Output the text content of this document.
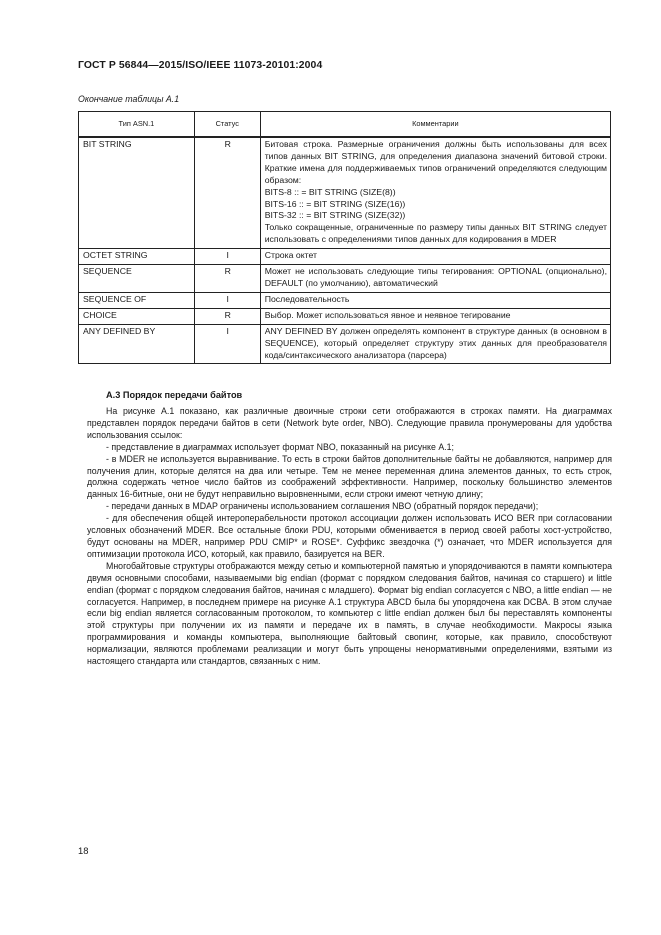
ГОСТ Р 56844—2015/ISO/IEEE 11073-20101:2004
Окончание таблицы А.1
Тип ASN.1	Статус	Комментарии
BIT STRING	R	Битовая строка. Размерные ограничения должны быть использованы для всех типов данных BIT STRING, для определения диапазона значений битовой строки. Краткие имена для поддерживаемых типов ограничений определяются следующим образом:
BITS-8 :: = BIT STRING (SIZE(8))
BITS-16 :: = BIT STRING (SIZE(16))
BITS-32 :: = BIT STRING (SIZE(32))
Только сокращенные, ограниченные по размеру типы данных BIT STRING следует использовать с определениями типов данных для кодирования в MDER

OCTET STRING	I	Строка октет
SEQUENCE	R	Может не использовать следующие типы тегирования: OPTIONAL (опционально), DEFAULT (по умолчанию), автоматический
SEQUENCE OF	I	Последовательность
CHOICE	R	Выбор. Может использоваться явное и неявное тегирование
ANY DEFINED BY	I	ANY DEFINED BY должен определять компонент в структуре данных (в основном в SEQUENCE), который определяет структуру этих данных для преобразователя кода/синтаксического анализатора (парсера)
А.3 Порядок передачи байтов

На рисунке А.1 показано, как различные двоичные строки сети отображаются в строках памяти. На диаграммах представлен порядок передачи байтов в сети (Network byte order, NBO). Следующие правила пронумерованы для удобства использования ссылок:

- представление в диаграммах использует формат NBO, показанный на рисунке А.1;

- в MDER не используется выравнивание. То есть в строки байтов дополнительные байты не добавляются, например для получения длин, которые делятся на два или четыре. Тем не менее переменная длина элементов данных, то есть строк, должна содержать четное число байтов из соображений эффективности. Например, поскольку большинство элементов данных 16-битные, они не будут неправильно выровненными, если строки имеют четную длину;

- передачи данных в MDAP ограничены использованием соглашения NBO (обратный порядок передачи);

- для обеспечения общей интероперабельности протокол ассоциации должен использовать ИСО BER при согласовании условных обозначений MDER. Все остальные блоки PDU, которыми обменивается в период своей работы хост-устройство, будут основаны на MDER, например PDU CMIP* и ROSE*. Суффикс звездочка (*) означает, что MDER используется для оптимизации протокола ИСО, который, как правило, базируется на BER.

Многобайтовые структуры отображаются между сетью и компьютерной памятью и упорядочиваются в памяти компьютера двумя основными способами, называемыми big endian (формат с порядком следования байтов, начиная со старшего) и little endian (формат с порядком следования байтов, начиная с младшего). Формат big endian согласуется с NBO, a little endian — не согласуется. Например, в последнем примере на рисунке А.1 структура ABCD была бы упорядочена как DCBA. В этом случае если big endian является согласованным протоколом, то компьютер с little endian должен был бы переставлять компоненты этой структуры при получении их из памяти и передаче их в память, в случае необходимости. Макросы языка программирования и команды компьютера, выполняющие байтовый свопинг, которые, как правило, способствуют нормализации, являются проблемами реализации и могут быть упрощены ненормативными определениями, взятыми из настоящего стандарта или стандартов, связанных с ним.

18
